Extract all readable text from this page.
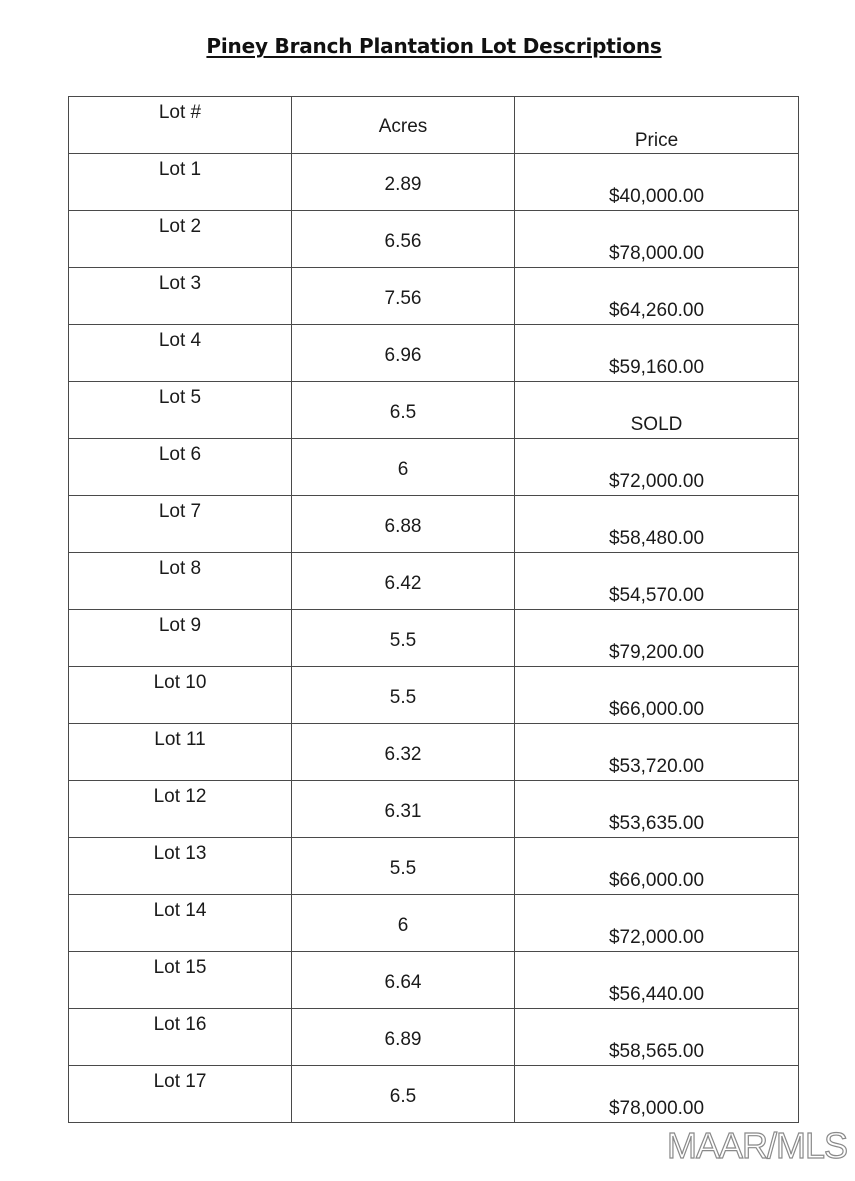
Piney Branch Plantation Lot Descriptions
Lot #	Acres	Price

Lot 1	2.89	$40,000.00

Lot 2	6.56	$78,000.00

Lot 3	7.56	$64,260.00

Lot 4	6.96	$59,160.00

Lot 5	6.5	SOLD

Lot 6	6	$72,000.00

Lot 7	6.88	$58,480.00

Lot 8	6.42	$54,570.00

Lot 9	5.5	$79,200.00

Lot 10	5.5	$66,000.00

Lot 11	6.32	$53,720.00

Lot 12	6.31	$53,635.00

Lot 13	5.5	$66,000.00

Lot 14	6	$72,000.00

Lot 15	6.64	$56,440.00

Lot 16	6.89	$58,565.00

Lot 17	6.5	$78,000.00
MAAR/MLS
